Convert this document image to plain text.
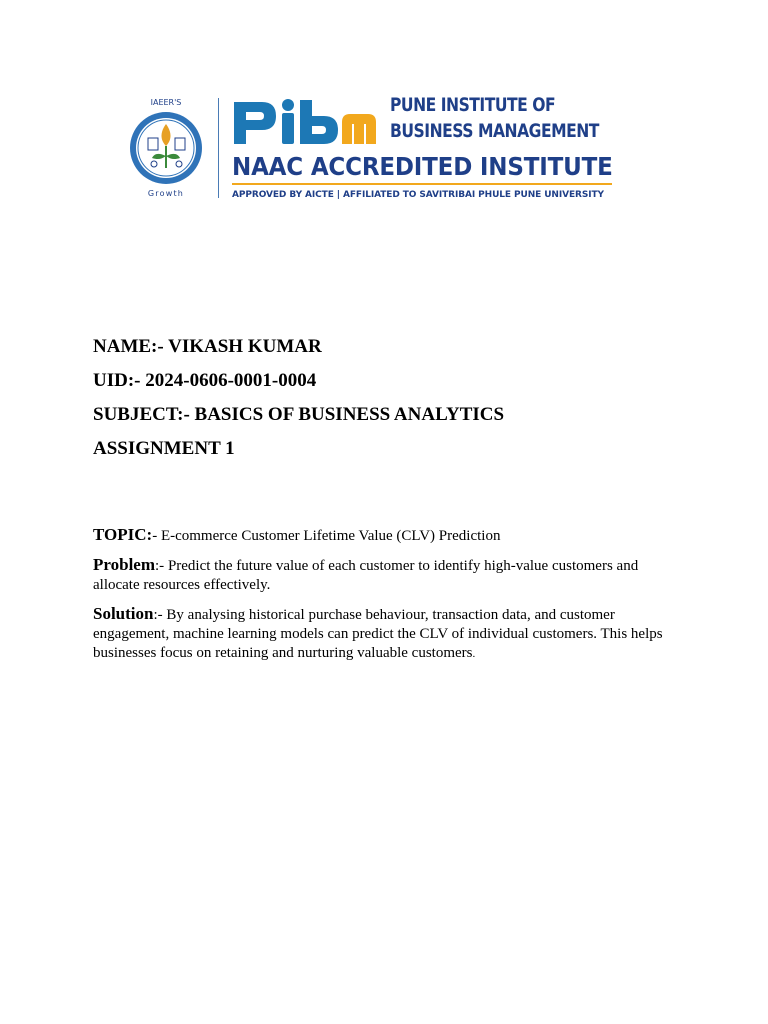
IAEER'S
Growth
PUNE INSTITUTE OF
BUSINESS MANAGEMENT
NAAC ACCREDITED INSTITUTE
APPROVED BY AICTE | AFFILIATED TO SAVITRIBAI PHULE PUNE UNIVERSITY
NAME:- VIKASH KUMAR
UID:- 2024-0606-0001-0004
SUBJECT:- BASICS OF BUSINESS ANALYTICS
ASSIGNMENT 1

TOPIC:- E-commerce Customer Lifetime Value (CLV) Prediction

Problem:- Predict the future value of each customer to identify high-value customers and allocate resources effectively.

Solution:- By analysing historical purchase behaviour, transaction data, and customer engagement, machine learning models can predict the CLV of individual customers. This helps businesses focus on retaining and nurturing valuable customers.
